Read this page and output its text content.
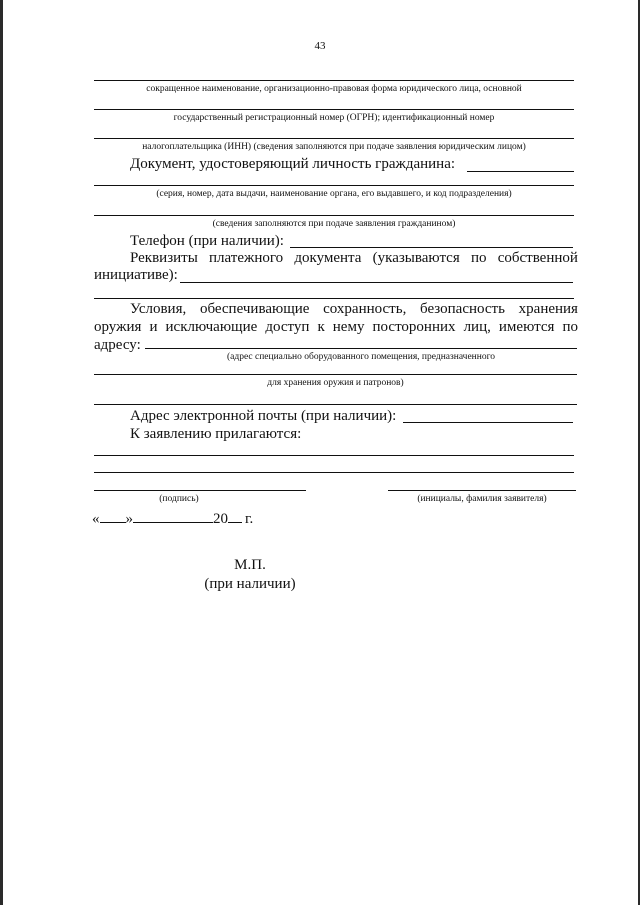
43
сокращенное наименование, организационно-правовая форма юридического лица, основной
государственный регистрационный номер (ОГРН); идентификационный номер
налогоплательщика (ИНН) (сведения заполняются при подаче заявления юридическим лицом)
Документ, удостоверяющий личность гражданина:
(серия, номер, дата выдачи, наименование органа, его выдавшего, и код подразделения)
(сведения заполняются при подаче заявления гражданином)
Телефон (при наличии):
Реквизиты платежного документа (указываются по собственной
инициативе):
Условия, обеспечивающие сохранность, безопасность хранения
оружия и исключающие доступ к нему посторонних лиц, имеются по
адресу:
(адрес специально оборудованного помещения, предназначенного
для хранения оружия и патронов)
Адрес электронной почты (при наличии):
К заявлению прилагаются:
(подпись)	(инициалы, фамилия заявителя)
« »	20 г.
М.П.
(при наличии)
